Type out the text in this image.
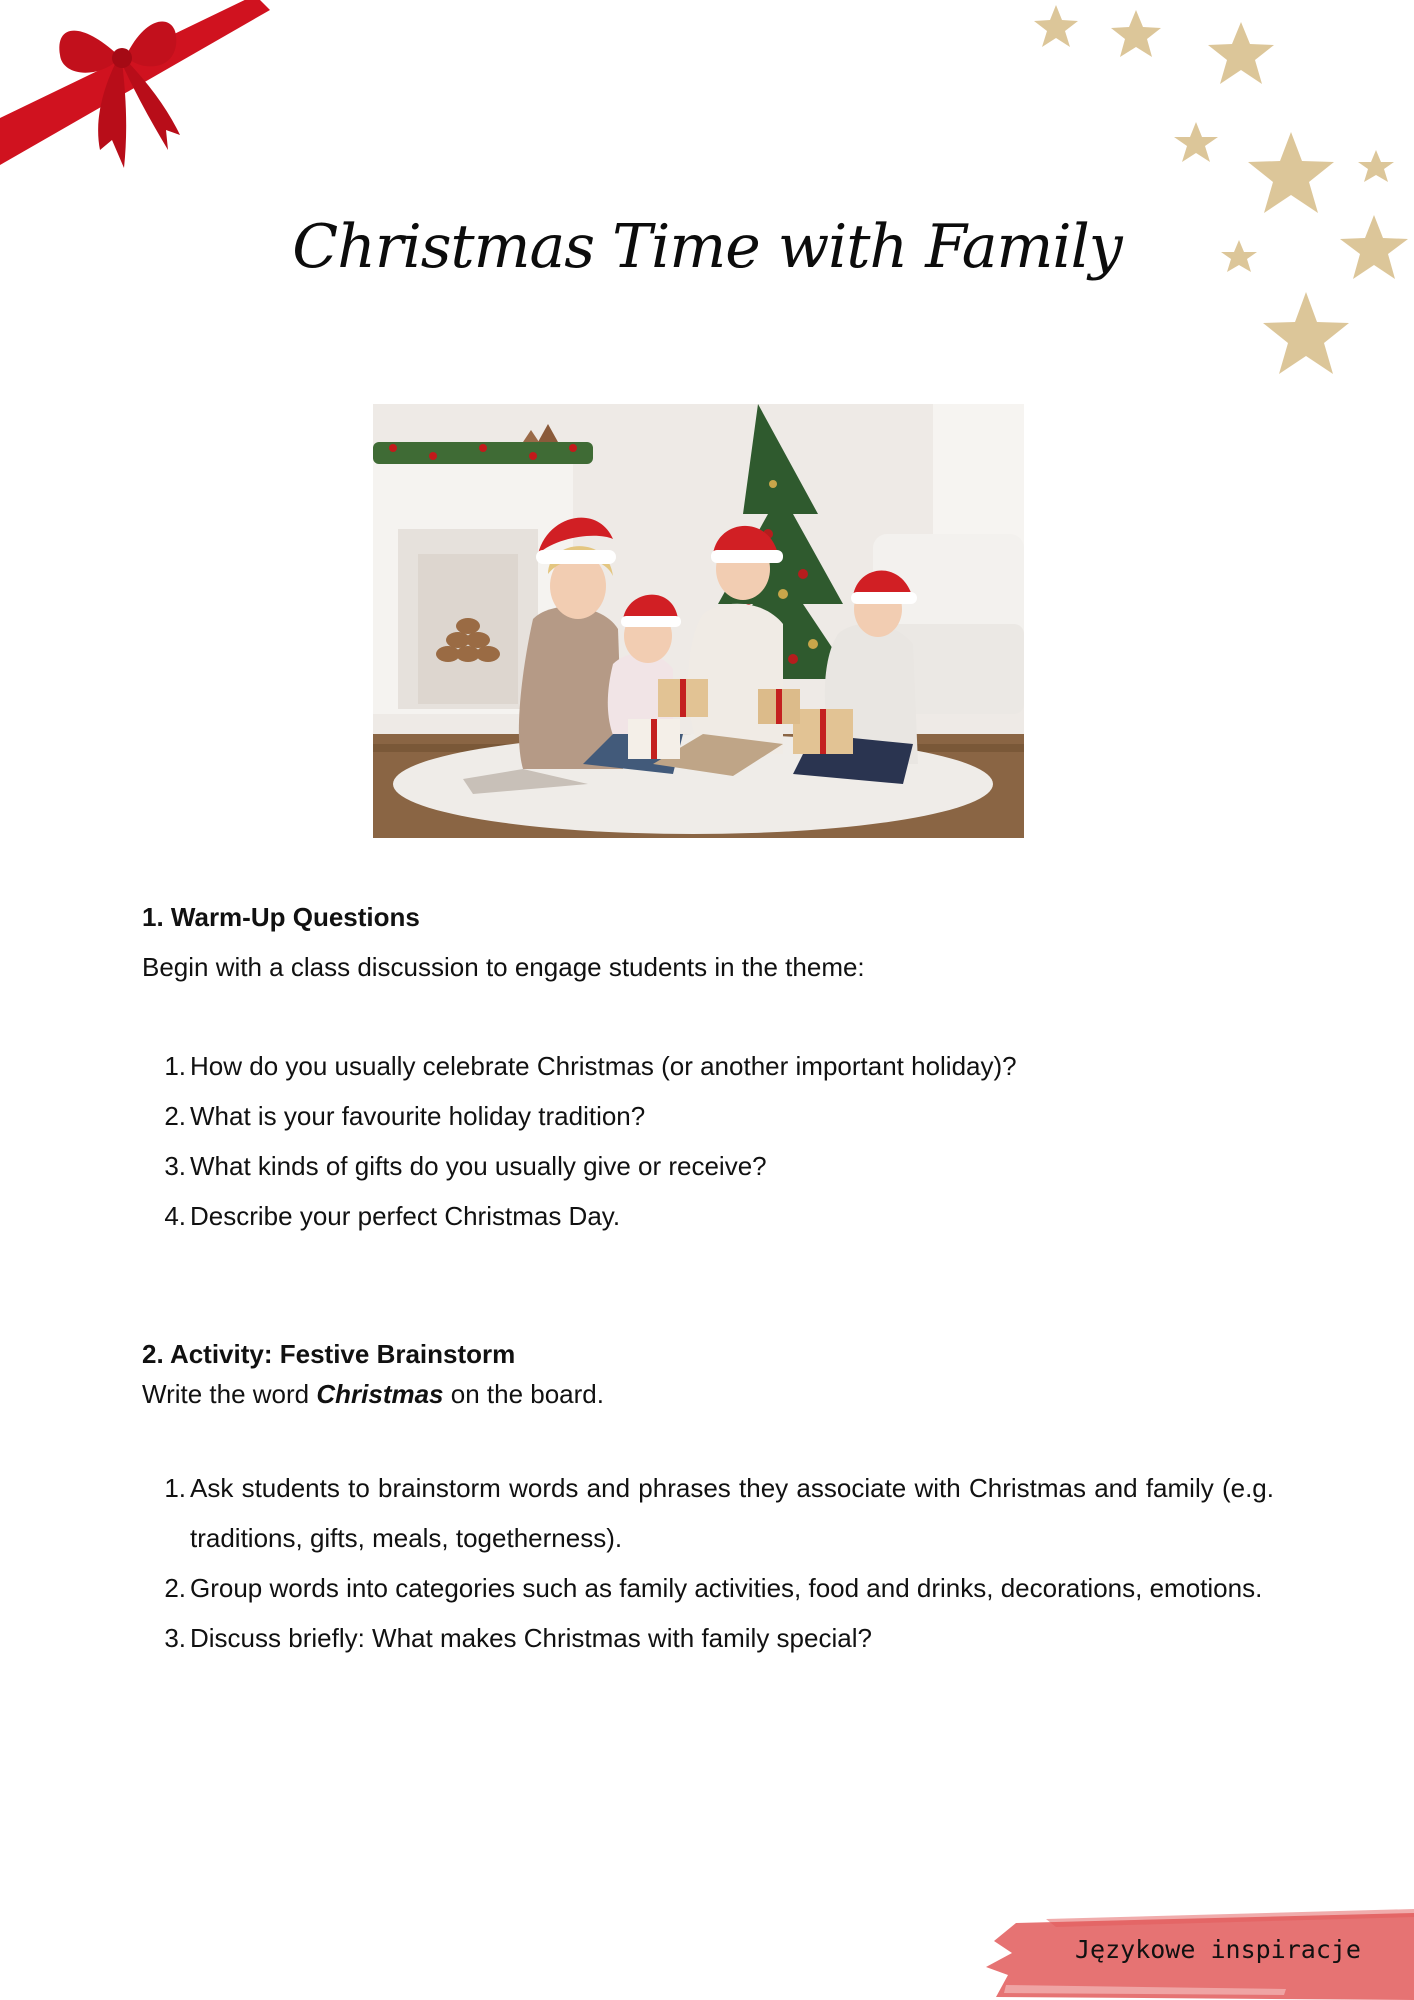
Christmas Time with Family
1. Warm-Up Questions
Begin with a class discussion to engage students in the theme:
1. How do you usually celebrate Christmas (or another important holiday)?
2. What is your favourite holiday tradition?
3. What kinds of gifts do you usually give or receive?
4. Describe your perfect Christmas Day.
2. Activity: Festive Brainstorm
Write the word Christmas on the board.
1. Ask students to brainstorm words and phrases they associate with Christmas and family (e.g. traditions, gifts, meals, togetherness).
2. Group words into categories such as family activities, food and drinks, decorations, emotions.
3. Discuss briefly: What makes Christmas with family special?
Językowe inspiracje
